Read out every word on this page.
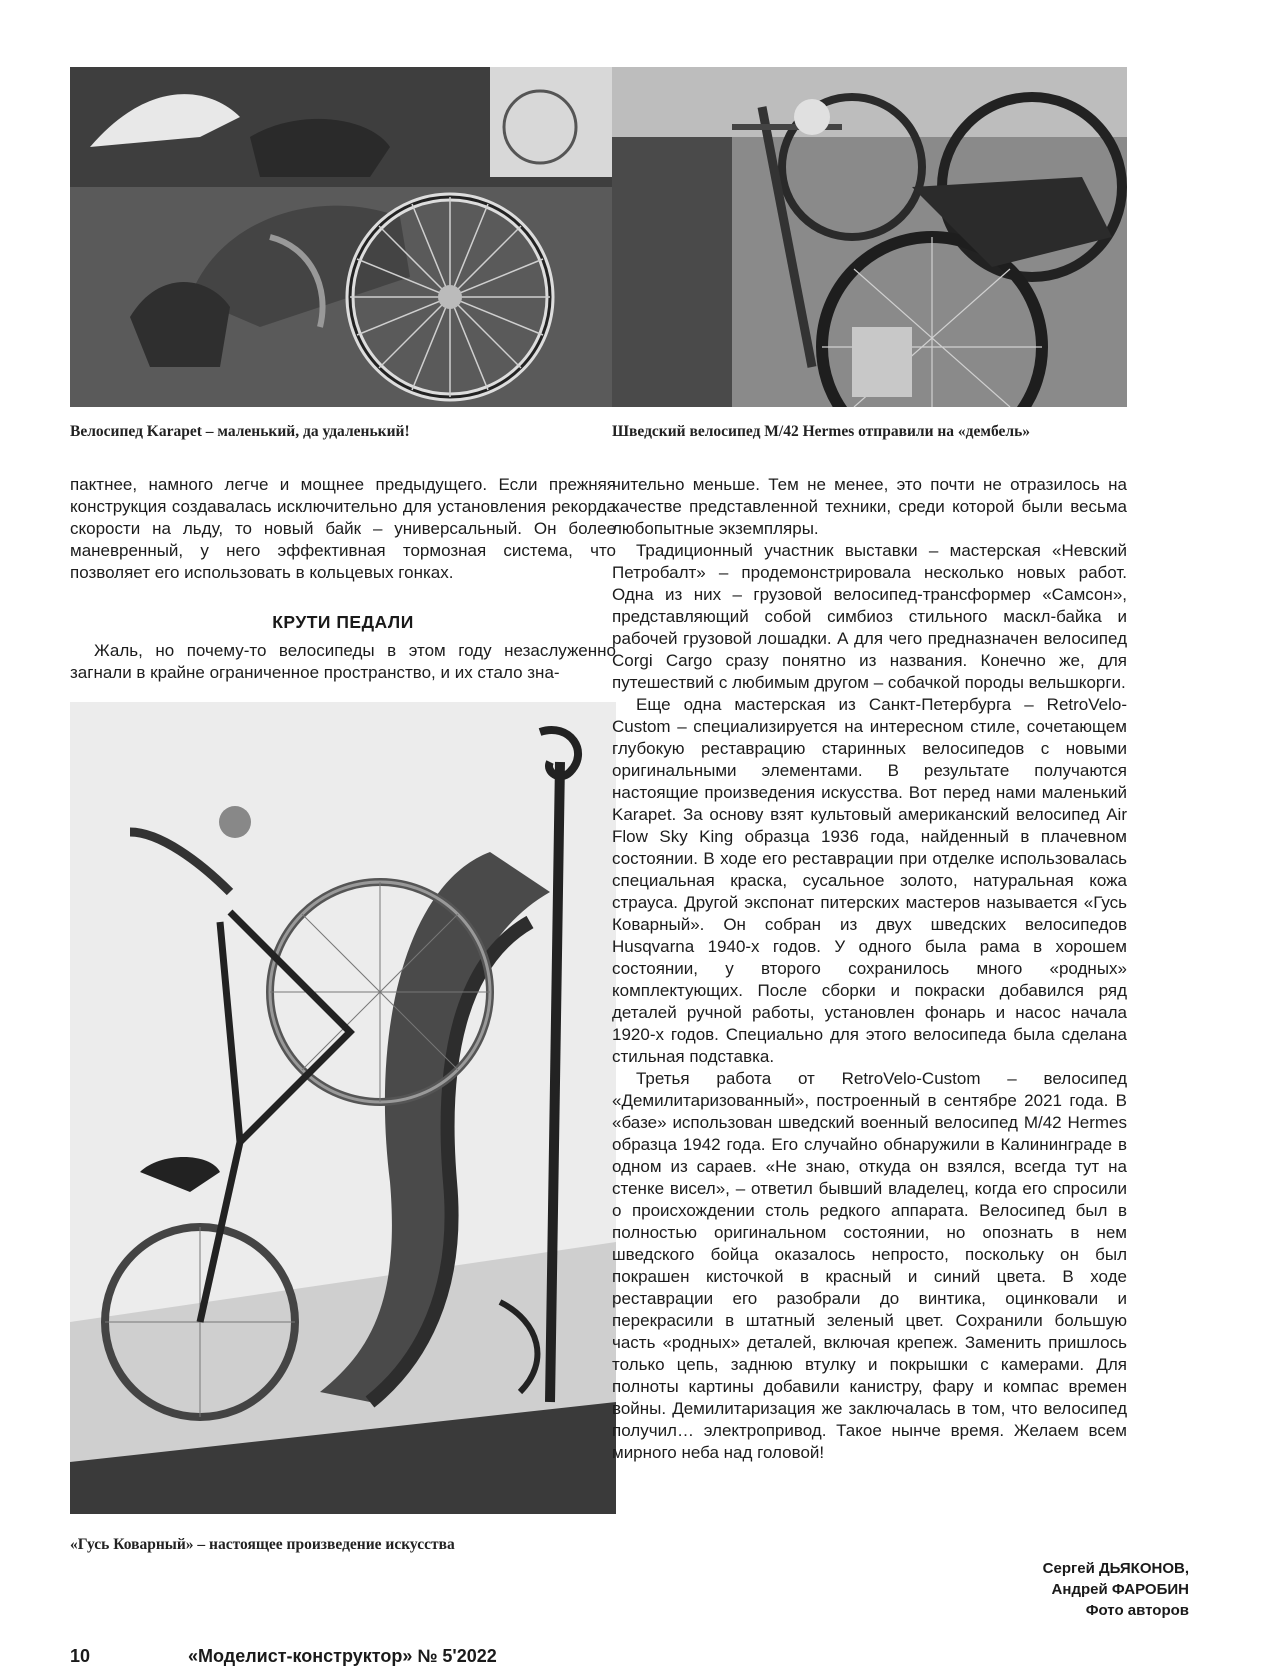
Велосипед Karapet – маленький, да удаленький!	Шведский велосипед М/42 Hermes отправили на «дембель»

пактнее, намного легче и мощнее предыдущего. Если прежняя конструкция создавалась исключительно для установления рекорда скорости на льду, то новый байк – универсальный. Он более маневренный, у него эффективная тормозная система, что позволяет его использовать в кольцевых гонках.

КРУТИ ПЕДАЛИ

Жаль, но почему-то велосипеды в этом году незаслуженно загнали в крайне ограниченное пространство, и их стало зна-

«Гусь Коварный» – настоящее произведение искусства

чительно меньше. Тем не менее, это почти не отразилось на качестве представленной техники, среди которой были весьма любопытные экземпляры.

Традиционный участник выставки – мастерская «Невский Петробалт» – продемонстрировала несколько новых работ. Одна из них – грузовой велосипед-трансформер «Самсон», представляющий собой симбиоз стильного маскл-байка и рабочей грузовой лошадки. А для чего предназначен велосипед Corgi Cargo сразу понятно из названия. Конечно же, для путешествий с любимым другом – собачкой породы вельшкорги.

Еще одна мастерская из Санкт-Петербурга – RetroVelo-Custom – специализируется на интересном стиле, сочетающем глубокую реставрацию старинных велосипедов с новыми оригинальными элементами. В результате получаются настоящие произведения искусства. Вот перед нами маленький Karapet. За основу взят культовый американский велосипед Air Flow Sky King образца 1936 года, найденный в плачевном состоянии. В ходе его реставрации при отделке использовалась специальная краска, сусальное золото, натуральная кожа страуса. Другой экспонат питерских мастеров называется «Гусь Коварный». Он собран из двух шведских велосипедов Husqvarna 1940-х годов. У одного была рама в хорошем состоянии, у второго сохранилось много «родных» комплектующих. После сборки и покраски добавился ряд деталей ручной работы, установлен фонарь и насос начала 1920-х годов. Специально для этого велосипеда была сделана стильная подставка.

Третья работа от RetroVelo-Custom – велосипед «Демилитаризованный», построенный в сентябре 2021 года. В «базе» использован шведский военный велосипед М/42 Hermes образца 1942 года. Его случайно обнаружили в Калининграде в одном из сараев. «Не знаю, откуда он взялся, всегда тут на стенке висел», – ответил бывший владелец, когда его спросили о происхождении столь редкого аппарата. Велосипед был в полностью оригинальном состоянии, но опознать в нем шведского бойца оказалось непросто, поскольку он был покрашен кисточкой в красный и синий цвета. В ходе реставрации его разобрали до винтика, оцинковали и перекрасили в штатный зеленый цвет. Сохранили большую часть «родных» деталей, включая крепеж. Заменить пришлось только цепь, заднюю втулку и покрышки с камерами. Для полноты картины добавили канистру, фару и компас времен войны. Демилитаризация же заключалась в том, что велосипед получил… электропривод. Такое нынче время. Желаем всем мирного неба над головой!

Сергей ДЬЯКОНОВ,
Андрей ФАРОБИН
Фото авторов
10	«Моделист-конструктор» № 5'2022
